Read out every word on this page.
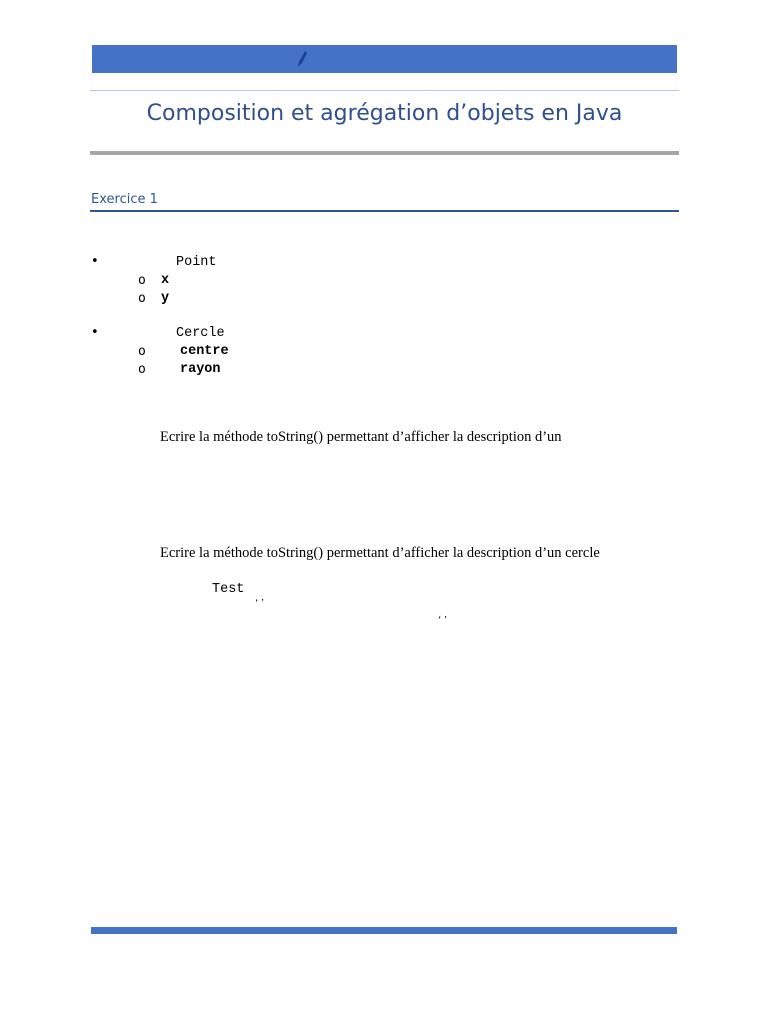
Composition et agrégation d’objets en Java
Exercice 1
•	Point
o x
o y
•	Cercle
o	centre
o	rayon
Ecrire la méthode toString() permettant d’afficher la description d’un
Ecrire la méthode toString() permettant d’afficher la description d’un cercle
Test
‘ ’
‘ ’
